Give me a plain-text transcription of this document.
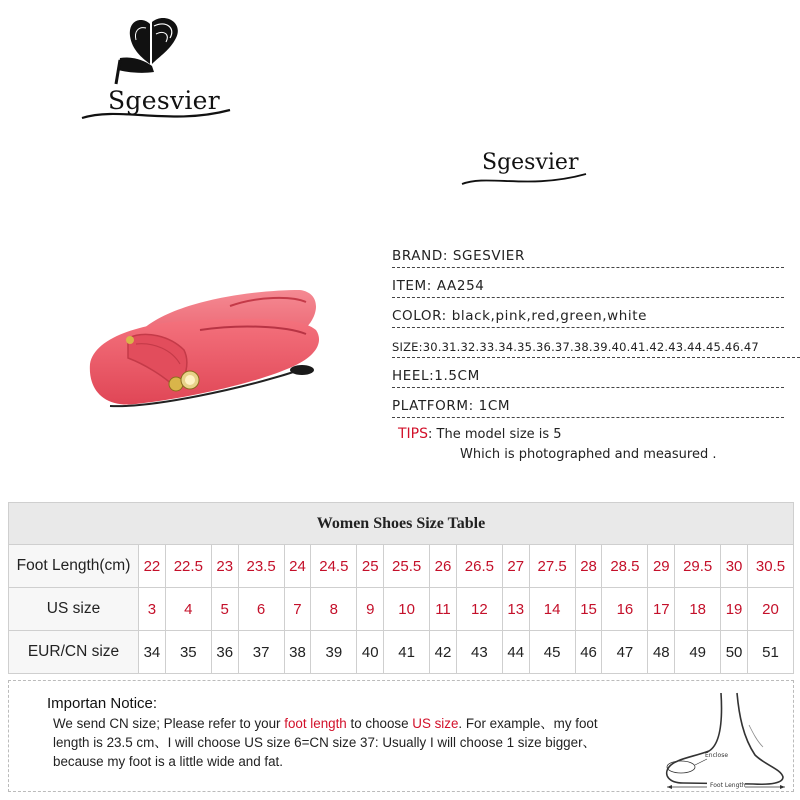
Sgesvier
Sgesvier
BRAND: SGESVIER
ITEM: AA254
COLOR: black,pink,red,green,white
SIZE:30.31.32.33.34.35.36.37.38.39.40.41.42.43.44.45.46.47
HEEL:1.5CM
PLATFORM: 1CM
TIPS: The model size is 5
Which is photographed and measured .
Women Shoes Size Table																		
Foot Length(cm)	22	22.5	23	23.5	24	24.5	25	25.5	26	26.5	27	27.5	28	28.5	29	29.5	30	30.5
US size	3	4	5	6	7	8	9	10	11	12	13	14	15	16	17	18	19	20
EUR/CN size	34	35	36	37	38	39	40	41	42	43	44	45	46	47	48	49	50	51
Importan Notice:
We send CN size; Please refer to your foot length to choose US size. For example、my foot length is 23.5 cm、I will choose US size 6=CN size 37: Usually I will choose 1 size bigger、because my foot is a little wide and fat.	Enclose
Foot Length
